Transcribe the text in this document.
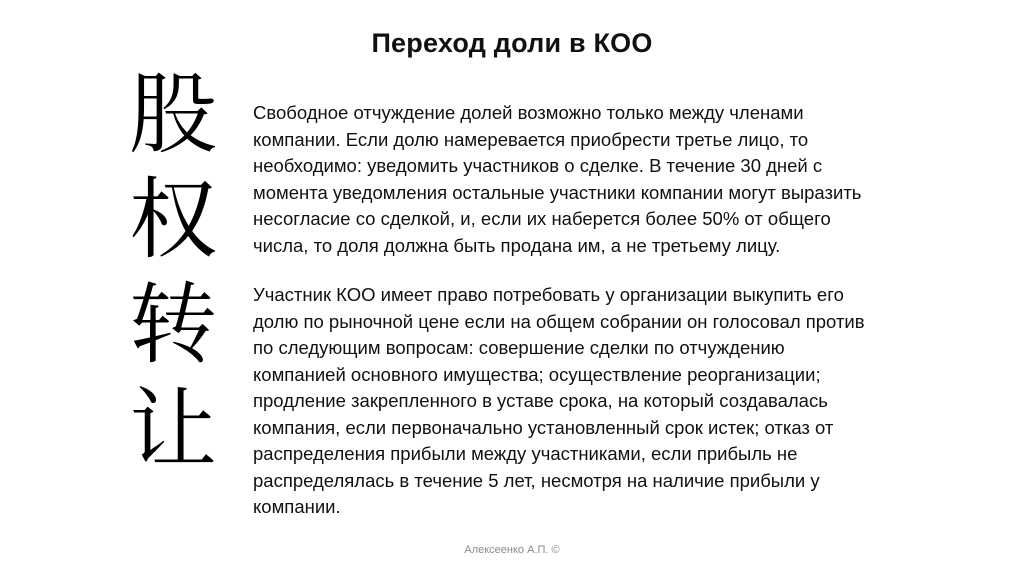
Переход доли в КОО
股
权
转
让

Свободное отчуждение долей возможно только между членами компании. Если долю намеревается приобрести третье лицо, то необходимо: уведомить участников о сделке. В течение 30 дней с момента уведомления остальные участники компании могут выразить несогласие со сделкой, и, если их наберется более 50% от общего числа, то доля должна быть продана им, а не третьему лицу.

Участник КОО имеет право потребовать у организации выкупить его долю по рыночной цене если на общем собрании он голосовал против по следующим вопросам: совершение сделки по отчуждению компанией основного имущества; осуществление реорганизации; продление закрепленного в уставе срока, на который создавалась компания, если первоначально установленный срок истек; отказ от распределения прибыли между участниками, если прибыль не распределялась в течение 5 лет, несмотря на наличие прибыли у компании.

Алексеенко А.П. ©
